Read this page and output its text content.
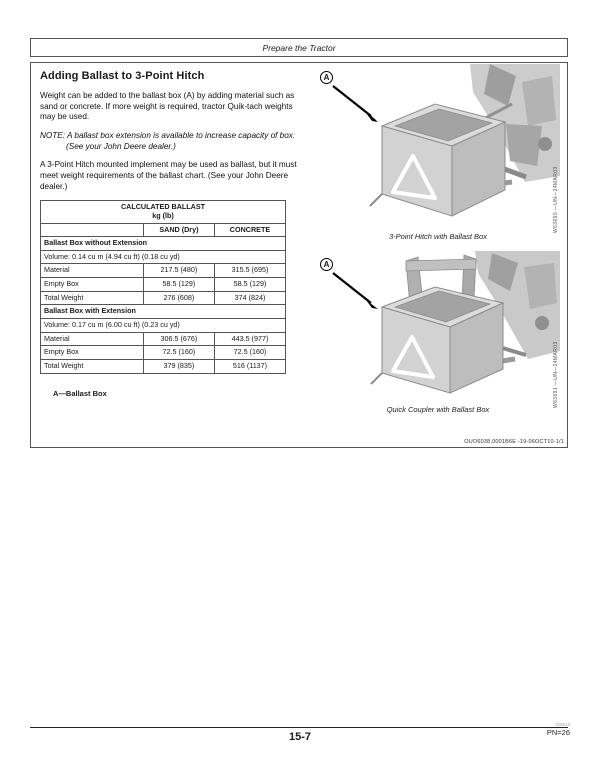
Prepare the Tractor
Adding Ballast to 3-Point Hitch
Weight can be added to the ballast box (A) by adding material such as sand or concrete. If more weight is required, tractor Quik-tach weights may be used.
NOTE: A ballast box extension is available to increase capacity of box. (See your John Deere dealer.)
A 3-Point Hitch mounted implement may be used as ballast, but it must meet weight requirements of the ballast chart. (See your John Deere dealer.)
CALCULATED BALLAST
kg (lb)		

	SAND (Dry)	CONCRETE
Ballast Box without Extension		
Volume: 0.14 cu m (4.94 cu ft) (0.18 cu yd)		
Material	217.5 (480)	315.5 (695)
Empty Box	58.5 (129)	58.5 (129)
Total Weight	276 (608)	374 (824)
Ballast Box with Extension		
Volume: 0.17 cu m (6.00 cu ft) (0.23 cu yd)		
Material	306.5 (676)	443.5 (977)
Empty Box	72.5 (160)	72.5 (160)
Total Weight	379 (835)	516 (1137)
A—Ballast Box
A
3-Point Hitch with Ballast Box
W63690 —UN—24MAR03
A
Quick Coupler with Ballast Box
W63691 —UN—24MAR03
OUO6038,0001B6E -19-06OCT10-1/1
15-7
120512
PN=26
